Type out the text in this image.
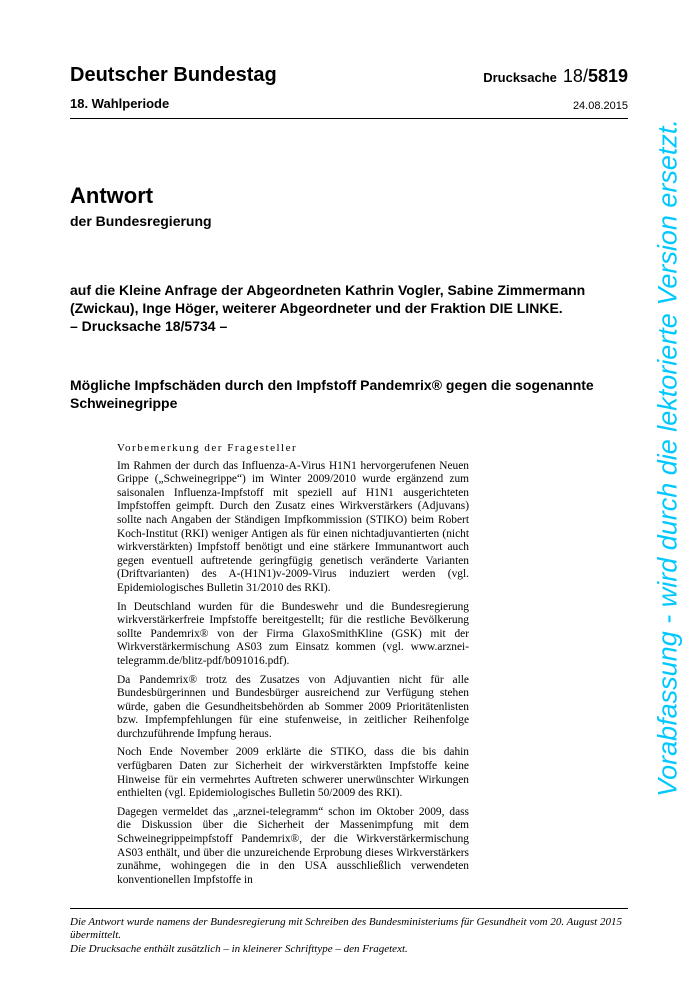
Deutscher Bundestag
18. Wahlperiode
Drucksache 18/5819
24.08.2015
Antwort
der Bundesregierung
auf die Kleine Anfrage der Abgeordneten Kathrin Vogler, Sabine Zimmermann
(Zwickau), Inge Höger, weiterer Abgeordneter und der Fraktion DIE LINKE.
– Drucksache 18/5734 –
Mögliche Impfschäden durch den Impfstoff Pandemrix® gegen die sogenannte Schweinegrippe
Vorbemerkung der Fragesteller

Im Rahmen der durch das Influenza-A-Virus H1N1 hervorgerufenen Neuen Grippe („Schweinegrippe“) im Winter 2009/2010 wurde ergänzend zum saisonalen Influenza-Impfstoff mit speziell auf H1N1 ausgerichteten Impfstoffen geimpft. Durch den Zusatz eines Wirkverstärkers (Adjuvans) sollte nach Angaben der Ständigen Impfkommission (STIKO) beim Robert Koch-Institut (RKI) weniger Antigen als für einen nichtadjuvantierten (nicht wirkverstärkten) Impfstoff benötigt und eine stärkere Immunantwort auch gegen eventuell auftretende geringfügig genetisch veränderte Varianten (Driftvarianten) des A-(H1N1)v-2009-Virus induziert werden (vgl. Epidemiologisches Bulletin 31/2010 des RKI).

In Deutschland wurden für die Bundeswehr und die Bundesregierung wirkverstärkerfreie Impfstoffe bereitgestellt; für die restliche Bevölkerung sollte Pandemrix® von der Firma GlaxoSmithKline (GSK) mit der Wirkverstärkermischung AS03 zum Einsatz kommen (vgl. www.arznei-telegramm.de/blitz-pdf/b091016.pdf).

Da Pandemrix® trotz des Zusatzes von Adjuvantien nicht für alle Bundesbürgerinnen und Bundesbürger ausreichend zur Verfügung stehen würde, gaben die Gesundheitsbehörden ab Sommer 2009 Prioritätenlisten bzw. Impfempfehlungen für eine stufenweise, in zeitlicher Reihenfolge durchzuführende Impfung heraus.

Noch Ende November 2009 erklärte die STIKO, dass die bis dahin verfügbaren Daten zur Sicherheit der wirkverstärkten Impfstoffe keine Hinweise für ein vermehrtes Auftreten schwerer unerwünschter Wirkungen enthielten (vgl. Epidemiologisches Bulletin 50/2009 des RKI).

Dagegen vermeldet das „arznei-telegramm“ schon im Oktober 2009, dass die Diskussion über die Sicherheit der Massenimpfung mit dem Schweinegrippeimpfstoff Pandemrix®, der die Wirkverstärkermischung AS03 enthält, und über die unzureichende Erprobung dieses Wirkverstärkers zunähme, wohingegen die in den USA ausschließlich verwendeten konventionellen Impfstoffe in

Vorabfassung - wird durch die lektorierte Version ersetzt.

Die Antwort wurde namens der Bundesregierung mit Schreiben des Bundesministeriums für Gesundheit vom 20. August 2015 übermittelt.

Die Drucksache enthält zusätzlich – in kleinerer Schrifttype – den Fragetext.
